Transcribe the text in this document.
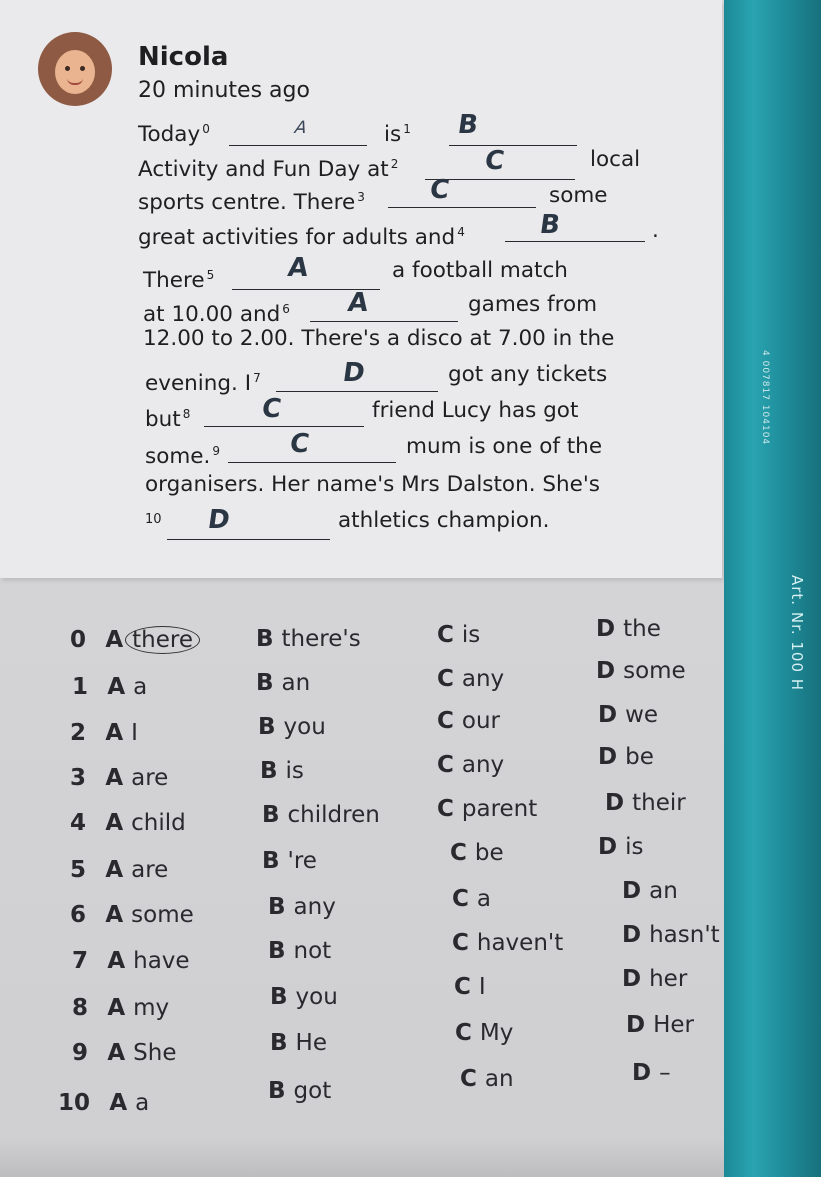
Nicola
20 minutes ago
Today $^0$	A	is $^1$ B
Activity and Fun Day at $^2$	C	local
sports centre. There $^3$ C	some
great activities for adults and $^4$	B	.
There $^5$	A	a football match
at 10.00 and $^6$ A	games from
12.00 to 2.00. There's a disco at 7.00 in the
evening. I $^7$	D	got any tickets
but $^8$	C	friend Lucy has got
some. $^9$	C	mum is one of the
organisers. Her name's Mrs Dalston. She's
10 D	athletics champion.
0 A there	B there's	C is	D the
1 A a	B an	C any	D some
2 A I	B you	C our	D we
3 A are	B is	C any	D be
4 A child	B children C parent	D their
5 A are	B 're	C be	D is
6 A some	B any	C a	D an
7 A have	B not	C haven't	D hasn't
8 A my	B you	C I	D her
9 A She	B He	C My	D Her
10 A a	B got	C an	D –
4 007817 104104
Art. Nr. 100 H
